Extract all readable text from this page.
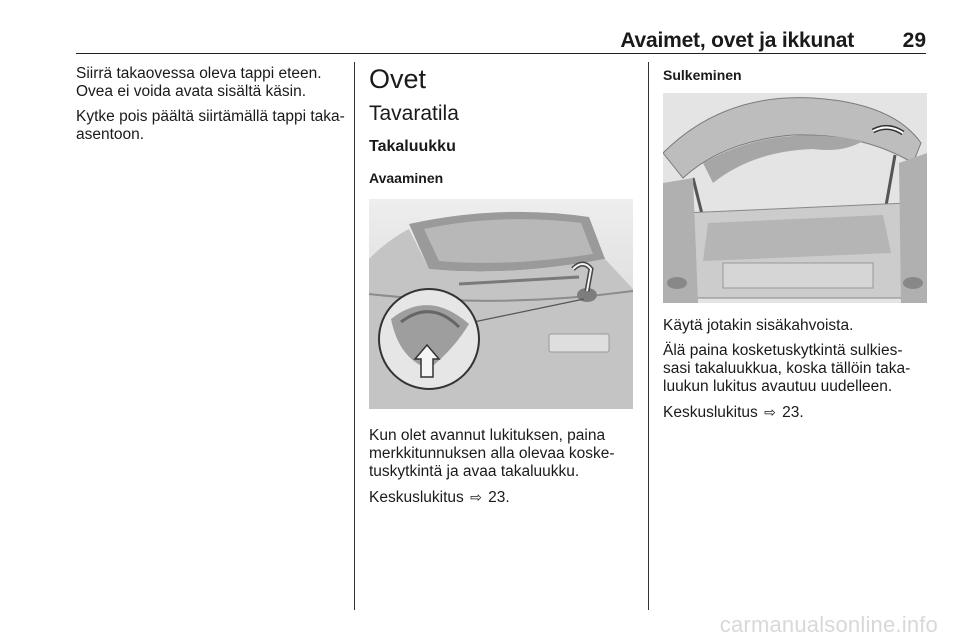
Avaimet, ovet ja ikkunat 29

Siirrä takaovessa oleva tappi eteen. Ovea ei voida avata sisältä käsin.

Kytke pois päältä siirtämällä tappi taka-asentoon.

Ovet
Tavaratila
Takaluukku
Avaaminen

Kun olet avannut lukituksen, paina merkkitunnuksen alla olevaa koske-tuskytkintä ja avaa takaluukku.

Keskuslukitus ⇨ 23.

Sulkeminen

Käytä jotakin sisäkahvoista.

Älä paina kosketuskytkintä sulkies-sasi takaluukkua, koska tällöin taka-luukun lukitus avautuu uudelleen.

Keskuslukitus ⇨ 23.

carmanualsonline.info
